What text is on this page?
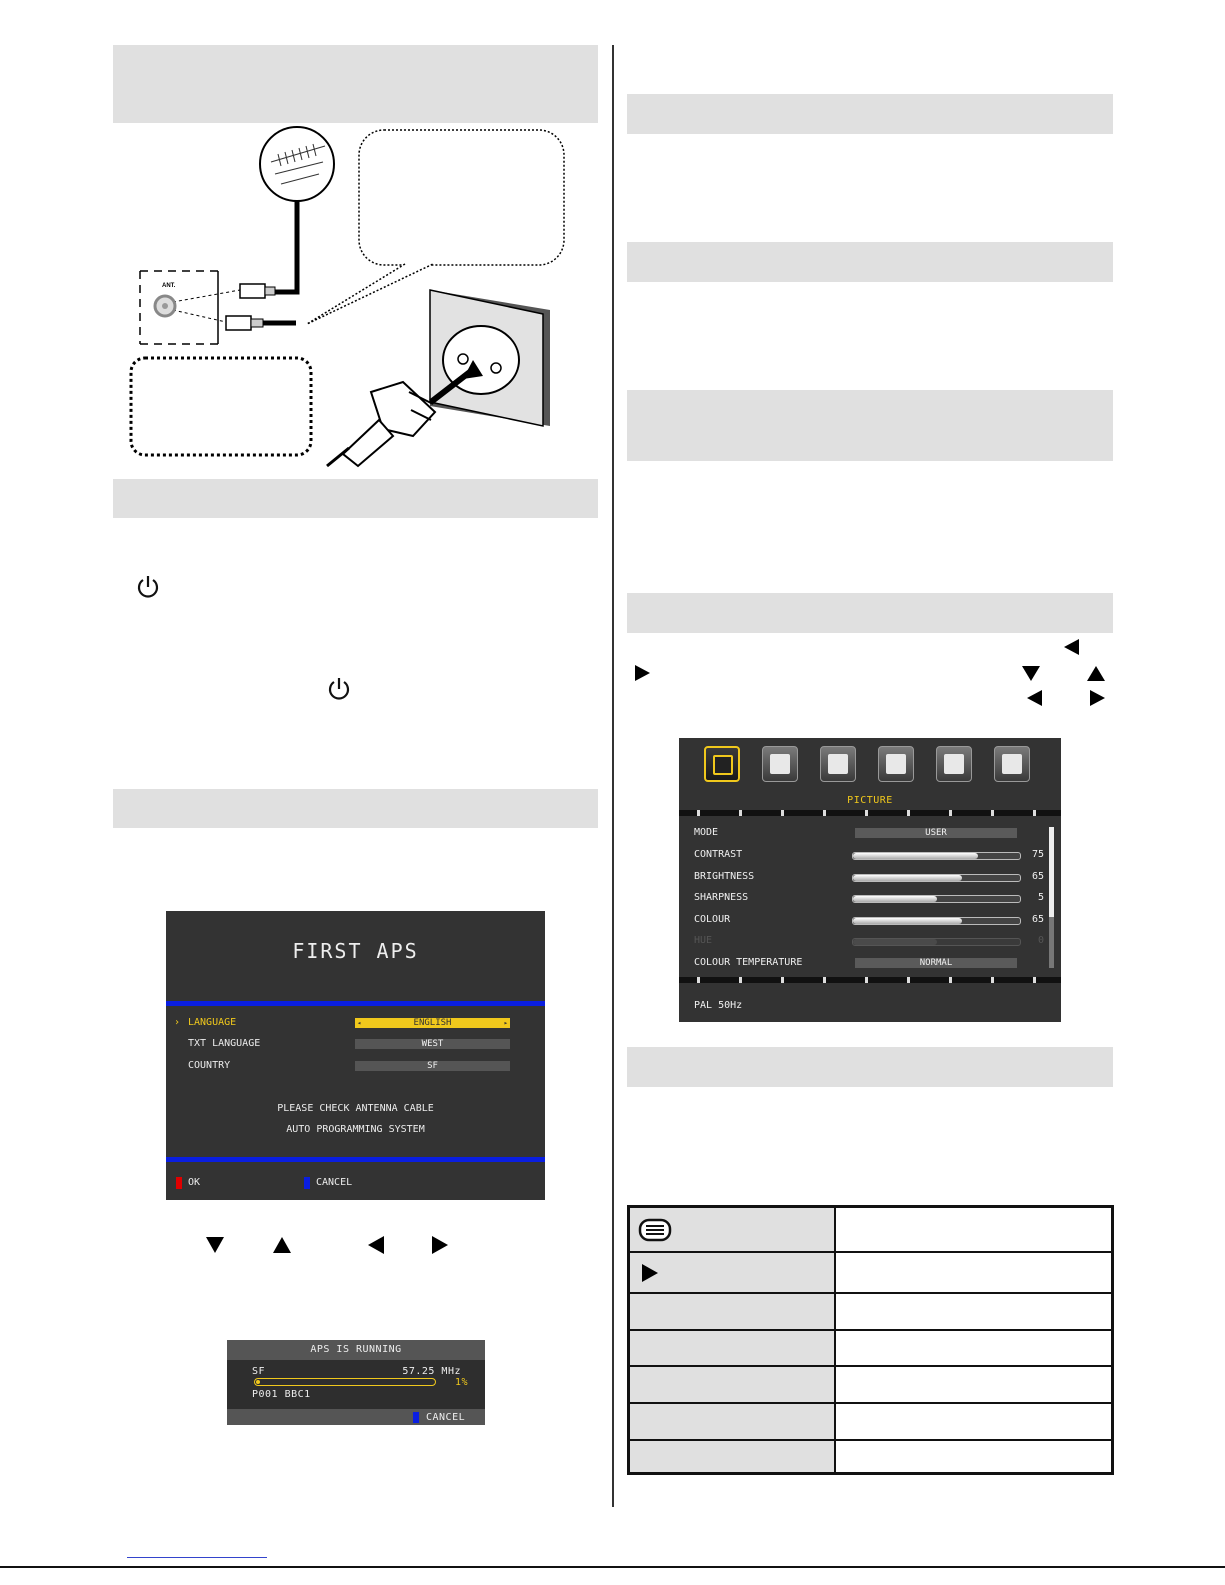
ANT.
FIRST APS
› LANGUAGE	◂	ENGLISH	▸
TXT LANGUAGE	WEST
COUNTRY	SF
PLEASE CHECK ANTENNA CABLE
AUTO PROGRAMMING SYSTEM
OK	CANCEL
APS IS RUNNING
SF	57.25 MHz
1%
P001 BBC1
CANCEL
PICTURE
MODE	USER
CONTRAST	75
BRIGHTNESS	65
SHARPNESS	5
COLOUR	65
HUE	0
COLOUR TEMPERATURE	NORMAL
PAL 50Hz
